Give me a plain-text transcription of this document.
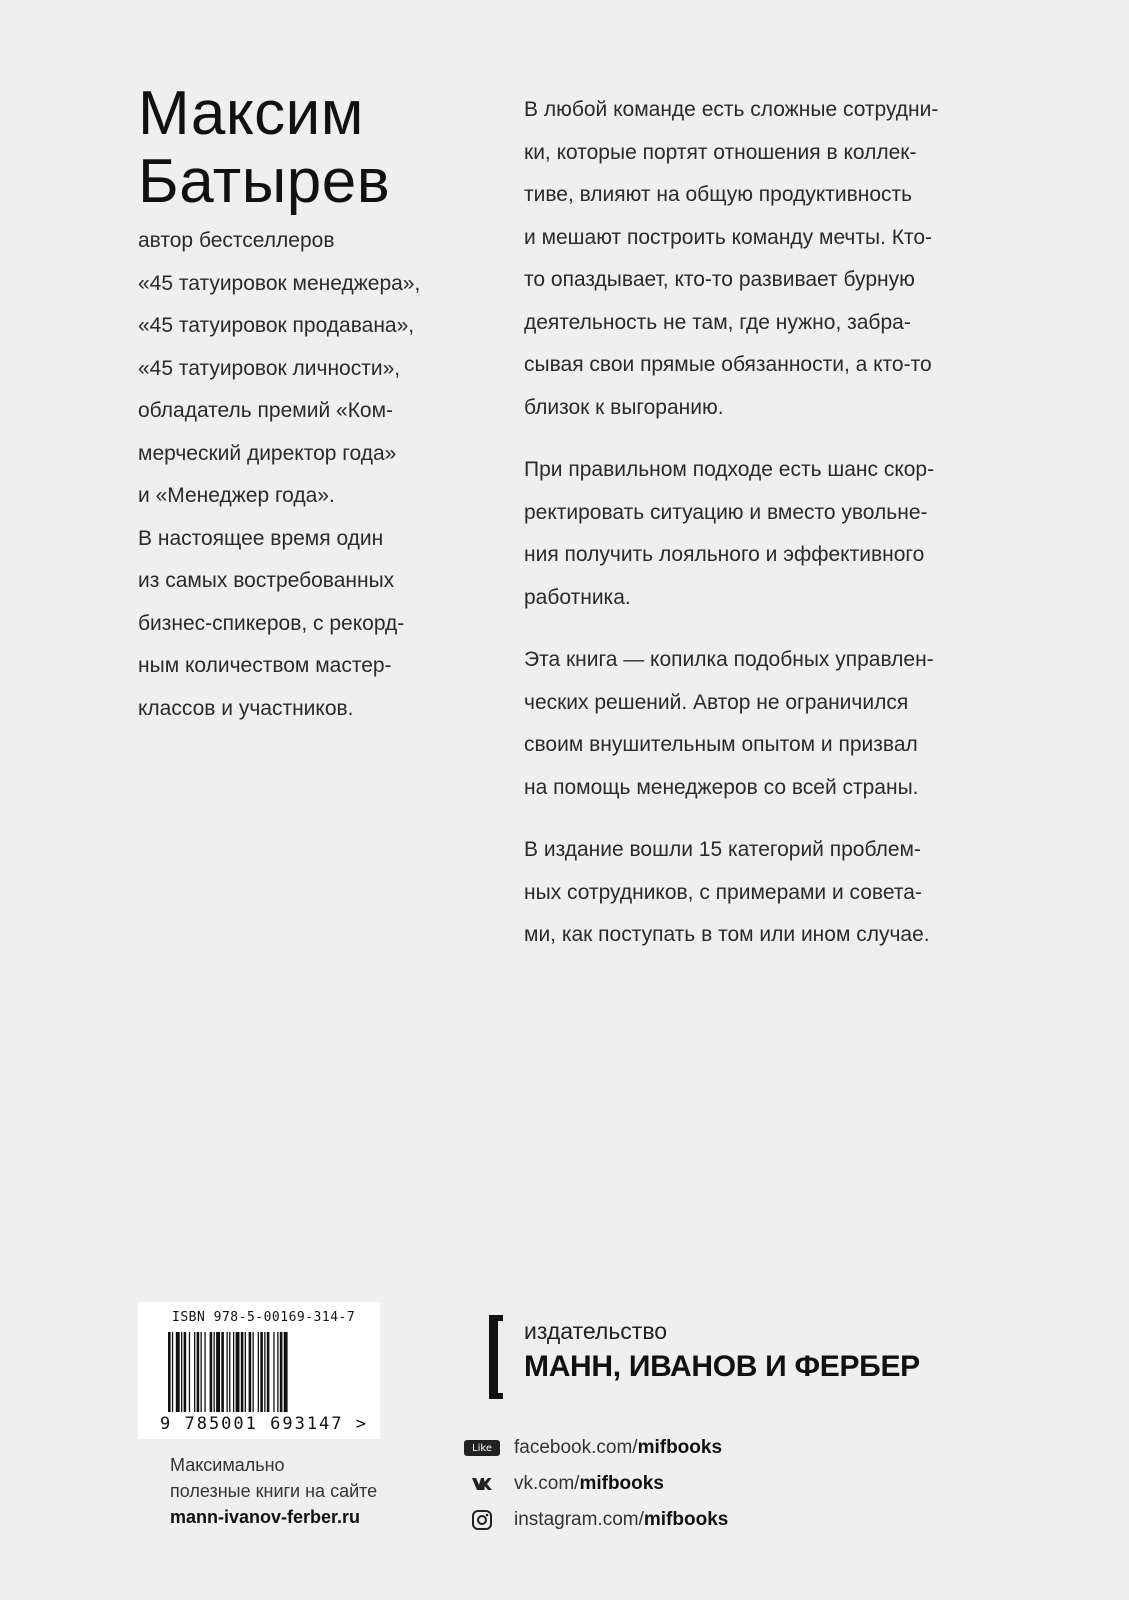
Максим
Батырев
автор бестселлеров
«45 татуировок менеджера»,
«45 татуировок продавана»,
«45 татуировок личности»,
обладатель премий «Ком-
мерческий директор года»
и «Менеджер года».
В настоящее время один
из самых востребованных
бизнес-спикеров, с рекорд-
ным количеством мастер-
классов и участников.

В любой команде есть сложные сотрудни-
ки, которые портят отношения в коллек-
тиве, влияют на общую продуктивность
и мешают построить команду мечты. Кто-
то опаздывает, кто-то развивает бурную
деятельность не там, где нужно, забра-
сывая свои прямые обязанности, а кто-то
близок к выгоранию.

При правильном подходе есть шанс скор-
ректировать ситуацию и вместо увольне-
ния получить лояльного и эффективного
работника.

Эта книга — копилка подобных управлен-
ческих решений. Автор не ограничился
своим внушительным опытом и призвал
на помощь менеджеров со всей страны.

В издание вошли 15 категорий проблем-
ных сотрудников, с примерами и совета-
ми, как поступать в том или ином случае.

ISBN 978-5-00169-314-7
9 785001 693147 >
Максимально
полезные книги на сайте
mann-ivanov-ferber.ru
издательство
МАНН, ИВАНОВ И ФЕРБЕР
Like	facebook.com/ mifbooks
vk.com/ mifbooks
instagram.com/ mifbooks
